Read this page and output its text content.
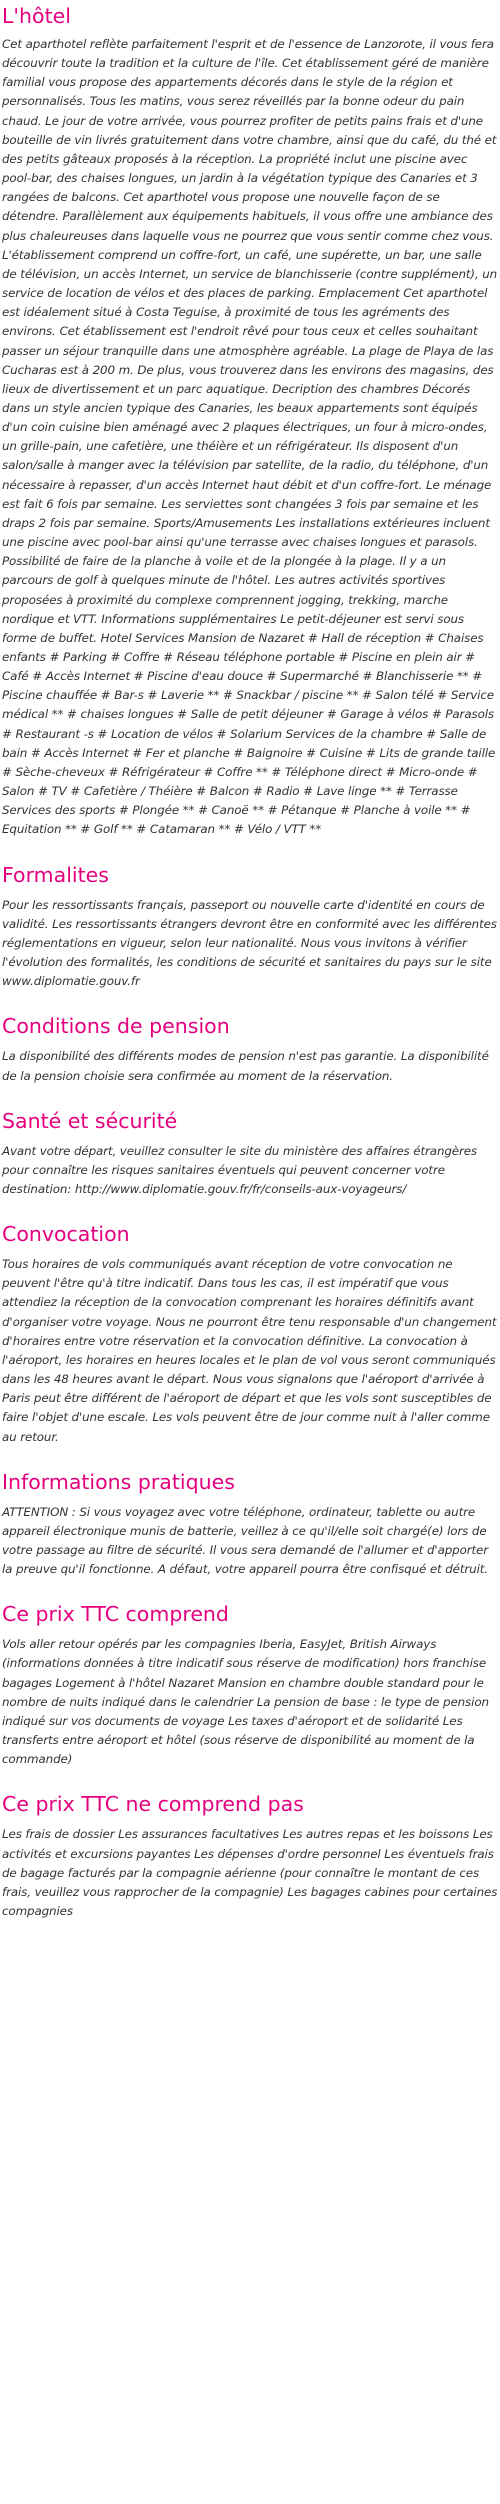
L'hôtel

Cet aparthotel reflète parfaitement l'esprit et de l'essence de Lanzorote, il vous fera découvrir toute la tradition et la culture de l'île. Cet établissement géré de manière familial vous propose des appartements décorés dans le style de la région et personnalisés. Tous les matins, vous serez réveillés par la bonne odeur du pain chaud. Le jour de votre arrivée, vous pourrez profiter de petits pains frais et d'une bouteille de vin livrés gratuitement dans votre chambre, ainsi que du café, du thé et des petits gâteaux proposés à la réception. La propriété inclut une piscine avec pool-bar, des chaises longues, un jardin à la végétation typique des Canaries et 3 rangées de balcons. Cet aparthotel vous propose une nouvelle façon de se détendre. Parallèlement aux équipements habituels, il vous offre une ambiance des plus chaleureuses dans laquelle vous ne pourrez que vous sentir comme chez vous. L'établissement comprend un coffre-fort, un café, une supérette, un bar, une salle de télévision, un accès Internet, un service de blanchisserie (contre supplément), un service de location de vélos et des places de parking. Emplacement Cet aparthotel est idéalement situé à Costa Teguise, à proximité de tous les agréments des environs. Cet établissement est l'endroit rêvé pour tous ceux et celles souhaitant passer un séjour tranquille dans une atmosphère agréable. La plage de Playa de las Cucharas est à 200 m. De plus, vous trouverez dans les environs des magasins, des lieux de divertissement et un parc aquatique. Decription des chambres Décorés dans un style ancien typique des Canaries, les beaux appartements sont équipés d'un coin cuisine bien aménagé avec 2 plaques électriques, un four à micro-ondes, un grille-pain, une cafetière, une théière et un réfrigérateur. Ils disposent d'un salon/salle à manger avec la télévision par satellite, de la radio, du téléphone, d'un nécessaire à repasser, d'un accès Internet haut débit et d'un coffre-fort. Le ménage est fait 6 fois par semaine. Les serviettes sont changées 3 fois par semaine et les draps 2 fois par semaine. Sports/Amusements Les installations extérieures incluent une piscine avec pool-bar ainsi qu'une terrasse avec chaises longues et parasols. Possibilité de faire de la planche à voile et de la plongée à la plage. Il y a un parcours de golf à quelques minute de l'hôtel. Les autres activités sportives proposées à proximité du complexe comprennent jogging, trekking, marche nordique et VTT. Informations supplémentaires Le petit-déjeuner est servi sous forme de buffet. Hotel Services Mansion de Nazaret # Hall de réception # Chaises enfants # Parking # Coffre # Réseau téléphone portable # Piscine en plein air # Café # Accès Internet # Piscine d'eau douce # Supermarché # Blanchisserie ** # Piscine chauffée # Bar-s # Laverie ** # Snackbar / piscine ** # Salon télé # Service médical ** # chaises longues # Salle de petit déjeuner # Garage à vélos # Parasols # Restaurant -s # Location de vélos # Solarium Services de la chambre # Salle de bain # Accès Internet # Fer et planche # Baignoire # Cuisine # Lits de grande taille # Sèche-cheveux # Réfrigérateur # Coffre ** # Téléphone direct # Micro-onde # Salon # TV # Cafetière / Théière # Balcon # Radio # Lave linge ** # Terrasse Services des sports # Plongée ** # Canoë ** # Pétanque # Planche à voile ** # Equitation ** # Golf ** # Catamaran ** # Vélo / VTT **

Formalites

Pour les ressortissants français, passeport ou nouvelle carte d'identité en cours de validité. Les ressortissants étrangers devront être en conformité avec les différentes réglementations en vigueur, selon leur nationalité. Nous vous invitons à vérifier l'évolution des formalités, les conditions de sécurité et sanitaires du pays sur le site www.diplomatie.gouv.fr

Conditions de pension

La disponibilité des différents modes de pension n'est pas garantie. La disponibilité de la pension choisie sera confirmée au moment de la réservation.

Santé et sécurité

Avant votre départ, veuillez consulter le site du ministère des affaires étrangères pour connaître les risques sanitaires éventuels qui peuvent concerner votre destination: http://www.diplomatie.gouv.fr/fr/conseils-aux-voyageurs/

Convocation

Tous horaires de vols communiqués avant réception de votre convocation ne peuvent l'être qu'à titre indicatif. Dans tous les cas, il est impératif que vous attendiez la réception de la convocation comprenant les horaires définitifs avant d'organiser votre voyage. Nous ne pourront être tenu responsable d'un changement d'horaires entre votre réservation et la convocation définitive. La convocation à l'aéroport, les horaires en heures locales et le plan de vol vous seront communiqués dans les 48 heures avant le départ. Nous vous signalons que l'aéroport d'arrivée à Paris peut être différent de l'aéroport de départ et que les vols sont susceptibles de faire l'objet d'une escale. Les vols peuvent être de jour comme nuit à l'aller comme au retour.

Informations pratiques

ATTENTION : Si vous voyagez avec votre téléphone, ordinateur, tablette ou autre appareil électronique munis de batterie, veillez à ce qu'il/elle soit chargé(e) lors de votre passage au filtre de sécurité. Il vous sera demandé de l'allumer et d'apporter la preuve qu'il fonctionne. A défaut, votre appareil pourra être confisqué et détruit.

Ce prix TTC comprend

Vols aller retour opérés par les compagnies Iberia, EasyJet, British Airways (informations données à titre indicatif sous réserve de modification) hors franchise bagages Logement à l'hôtel Nazaret Mansion en chambre double standard pour le nombre de nuits indiqué dans le calendrier La pension de base : le type de pension indiqué sur vos documents de voyage Les taxes d'aéroport et de solidarité Les transferts entre aéroport et hôtel (sous réserve de disponibilité au moment de la commande)

Ce prix TTC ne comprend pas

Les frais de dossier Les assurances facultatives Les autres repas et les boissons Les activités et excursions payantes Les dépenses d'ordre personnel Les éventuels frais de bagage facturés par la compagnie aérienne (pour connaître le montant de ces frais, veuillez vous rapprocher de la compagnie) Les bagages cabines pour certaines compagnies
